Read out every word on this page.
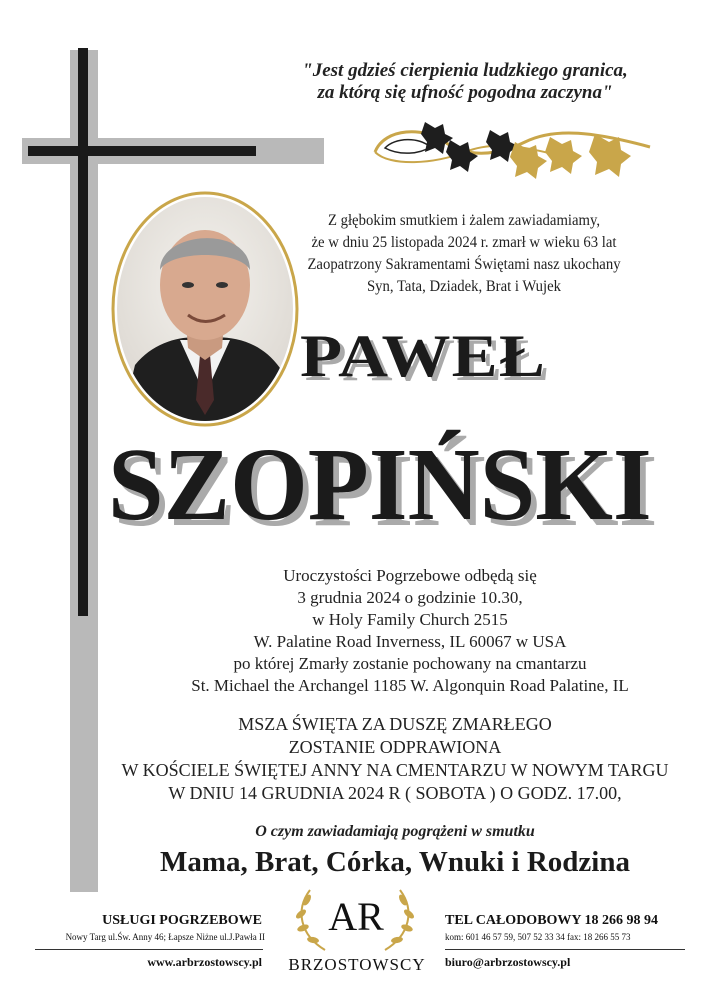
"Jest gdzieś cierpienia ludzkiego granica,
za którą się ufność pogodna zaczyna"
Z głębokim smutkiem i żalem zawiadamiamy,
że w dniu 25 listopada 2024 r. zmarł w wieku 63 lat
Zaopatrzony Sakramentami Świętami nasz ukochany
Syn, Tata, Dziadek, Brat i Wujek
PAWEŁ
SZOPIŃSKI
Uroczystości Pogrzebowe odbędą się
3 grudnia 2024 o godzinie 10.30,
w Holy Family Church 2515
W. Palatine Road Inverness, IL 60067 w USA
po której Zmarły zostanie pochowany na cmantarzu
St. Michael the Archangel 1185 W. Algonquin Road Palatine, IL
MSZA ŚWIĘTA ZA DUSZĘ ZMARŁEGO
ZOSTANIE ODPRAWIONA
W KOŚCIELE ŚWIĘTEJ ANNY NA CMENTARZU W NOWYM TARGU
W DNIU 14 GRUDNIA 2024 R ( SOBOTA ) O GODZ. 17.00,
O czym zawiadamiają pogrążeni w smutku
Mama, Brat, Córka, Wnuki i Rodzina
USŁUGI POGRZEBOWE
Nowy Targ ul.Św. Anny 46; Łapsze Niżne ul.J.Pawła II
www.arbrzostowscy.pl
AR
BRZOSTOWSCY
TEL CAŁODOBOWY 18 266 98 94
kom: 601 46 57 59, 507 52 33 34 fax: 18 266 55 73
biuro@arbrzostowscy.pl
